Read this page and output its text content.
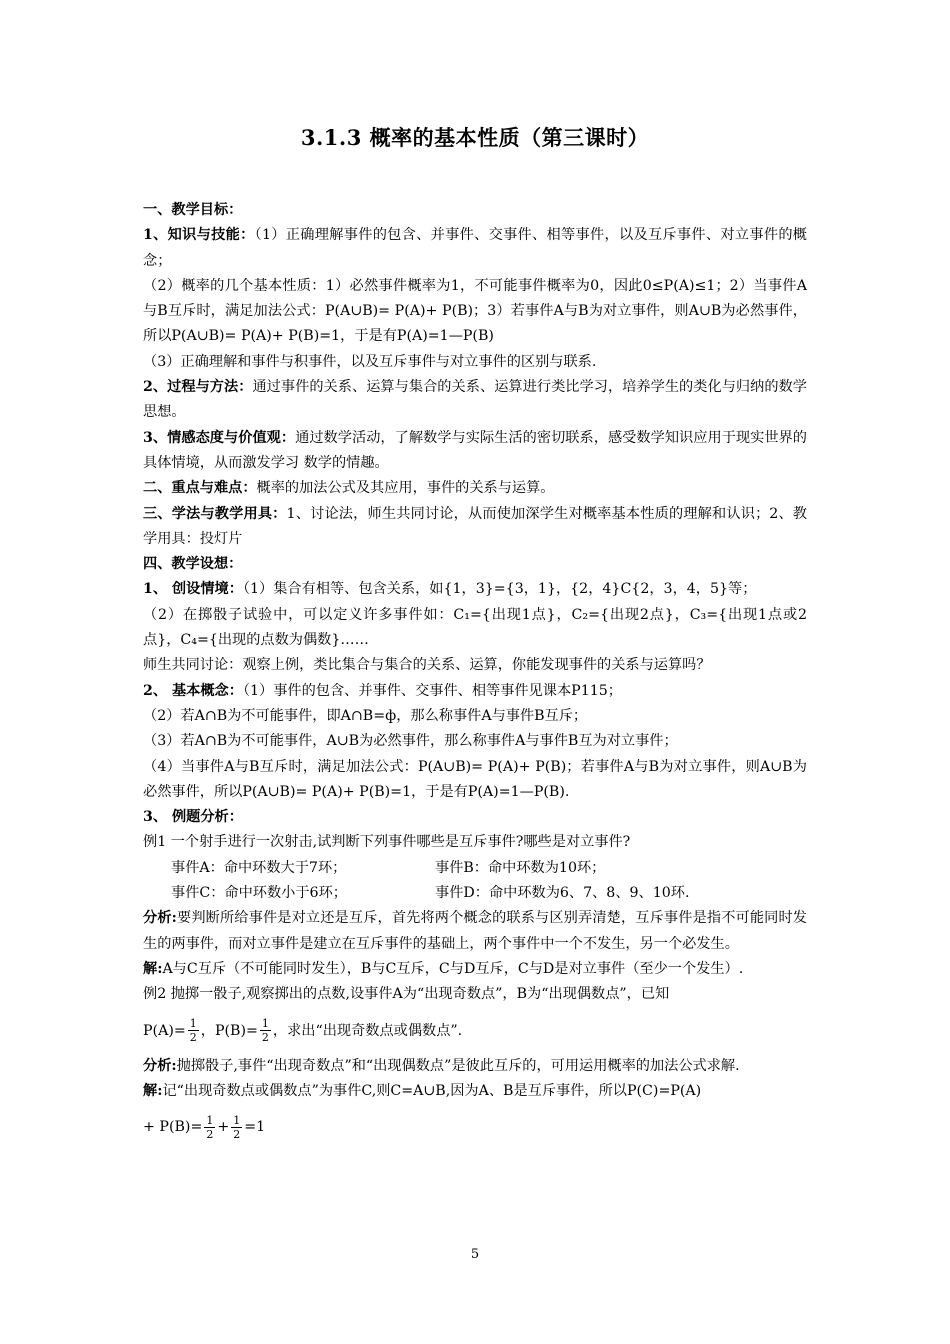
3.1.3 概率的基本性质（第三课时）

一、教学目标：

1、知识与技能：（1）正确理解事件的包含、并事件、交事件、相等事件，以及互斥事件、对立事件的概念；

（2）概率的几个基本性质：1）必然事件概率为1，不可能事件概率为0，因此0≤P(A)≤1；2）当事件A与B互斥时，满足加法公式：P(A∪B)= P(A)+ P(B)；3）若事件A与B为对立事件，则A∪B为必然事件，所以P(A∪B)= P(A)+ P(B)=1，于是有P(A)=1—P(B)

（3）正确理解和事件与积事件，以及互斥事件与对立事件的区别与联系.

2、过程与方法：通过事件的关系、运算与集合的关系、运算进行类比学习，培养学生的类化与归纳的数学思想。

3、情感态度与价值观：通过数学活动，了解数学与实际生活的密切联系，感受数学知识应用于现实世界的具体情境，从而激发学习 数学的情趣。

二、重点与难点：概率的加法公式及其应用，事件的关系与运算。

三、学法与教学用具：1、讨论法，师生共同讨论，从而使加深学生对概率基本性质的理解和认识；2、教学用具：投灯片

四、教学设想：

1、 创设情境：（1）集合有相等、包含关系，如{1，3}={3，1}，{2，4}C{2，3，4，5}等；

（2）在掷骰子试验中，可以定义许多事件如：C₁={出现1点}，C₂={出现2点}，C₃={出现1点或2点}，C₄={出现的点数为偶数}……

师生共同讨论：观察上例，类比集合与集合的关系、运算，你能发现事件的关系与运算吗？

2、 基本概念：（1）事件的包含、并事件、交事件、相等事件见课本P115；

（2）若A∩B为不可能事件，即A∩B=ф，那么称事件A与事件B互斥；

（3）若A∩B为不可能事件，A∪B为必然事件，那么称事件A与事件B互为对立事件；

（4）当事件A与B互斥时，满足加法公式：P(A∪B)= P(A)+ P(B)；若事件A与B为对立事件，则A∪B为必然事件，所以P(A∪B)= P(A)+ P(B)=1，于是有P(A)=1—P(B).

3、 例题分析：

例1 一个射手进行一次射击,试判断下列事件哪些是互斥事件?哪些是对立事件?

事件A：命中环数大于7环；	事件B：命中环数为10环；
事件C：命中环数小于6环；	事件D：命中环数为6、7、8、9、10环.

分析:要判断所给事件是对立还是互斥，首先将两个概念的联系与区别弄清楚，互斥事件是指不可能同时发生的两事件，而对立事件是建立在互斥事件的基础上，两个事件中一个不发生，另一个必发生。

解:A与C互斥（不可能同时发生），B与C互斥，C与D互斥，C与D是对立事件（至少一个发生）.

例2 抛掷一骰子,观察掷出的点数,设事件A为“出现奇数点”，B为“出现偶数点”，已知

$P(A)= \frac{1}{2}$ ，$P(B)= \frac{1}{2}$ ，求出“出现奇数点或偶数点”.

分析:抛掷骰子,事件“出现奇数点”和“出现偶数点”是彼此互斥的，可用运用概率的加法公式求解.

解:记“出现奇数点或偶数点”为事件C,则C=A∪B,因为A、B是互斥事件，所以P(C)=P(A)

+ $P(B)= \frac{1}{2} + \frac{1}{2} =1$

5
